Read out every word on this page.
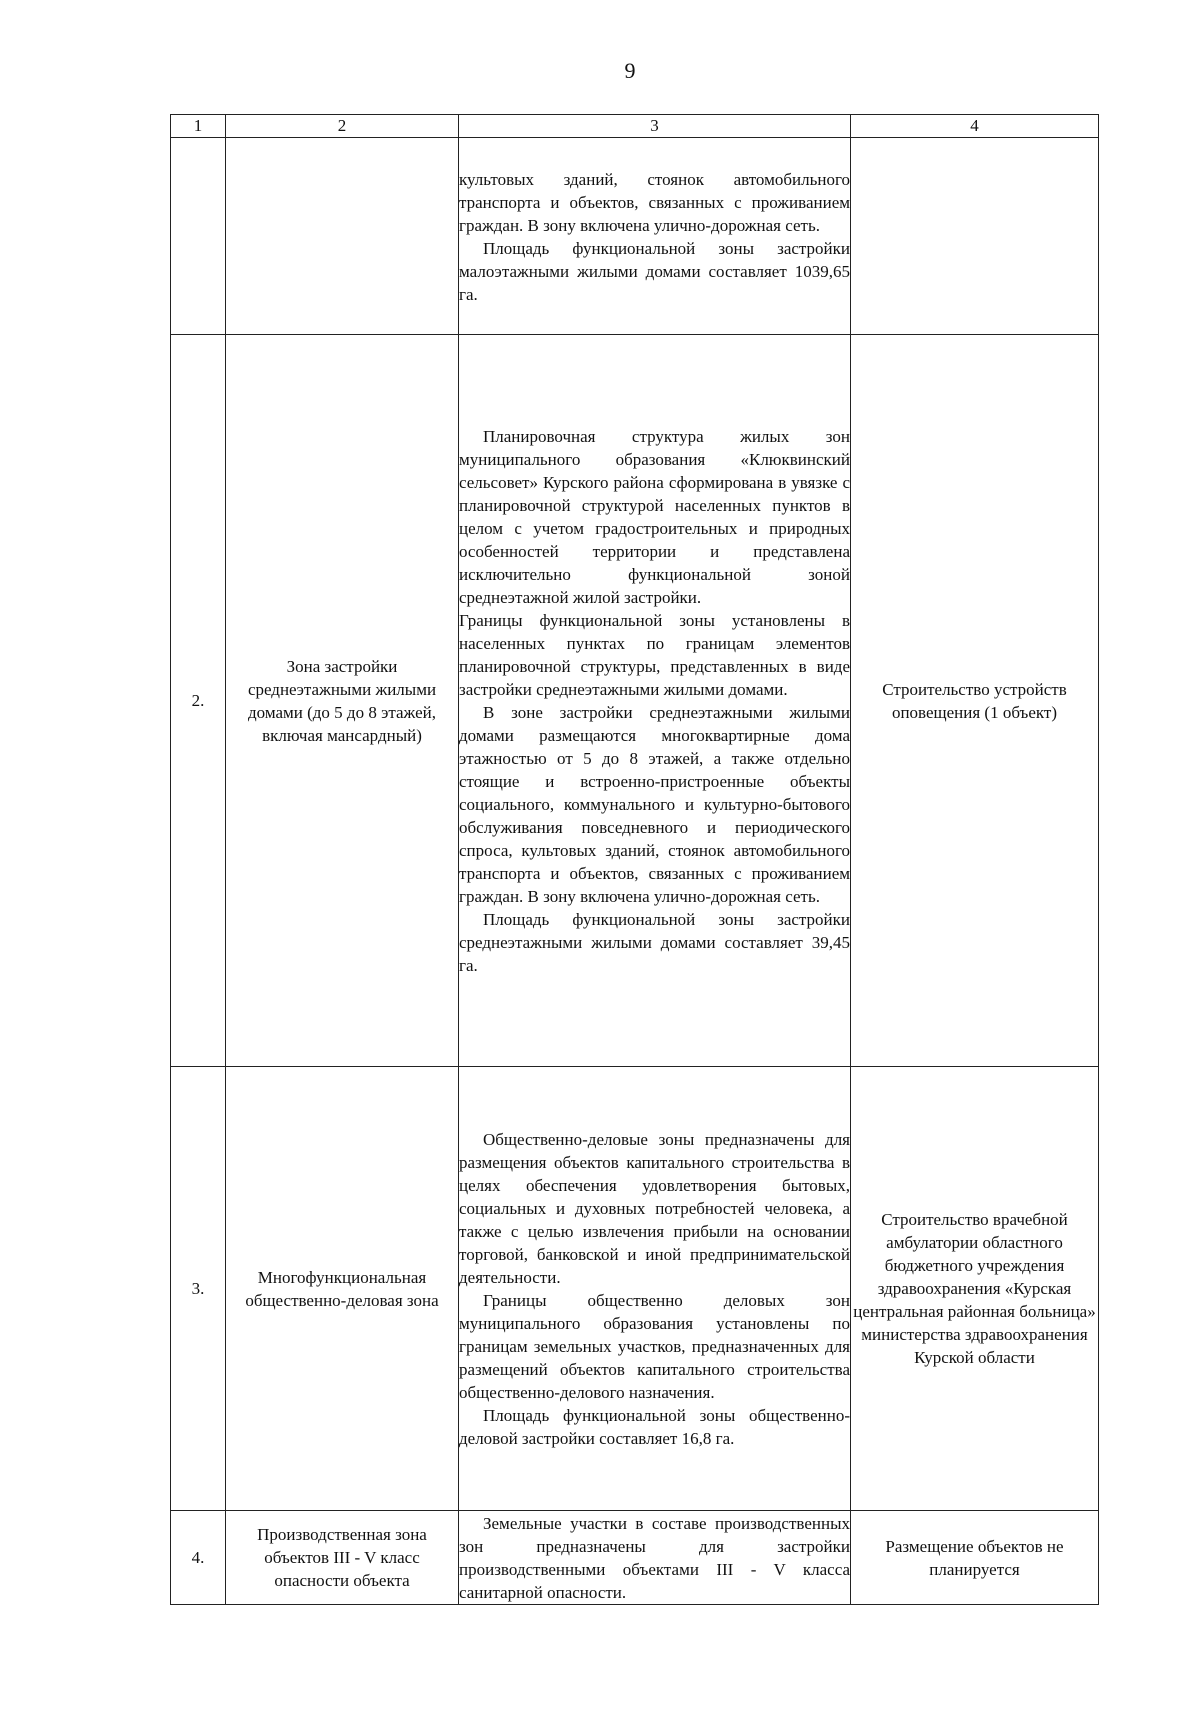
9
1	2	3	4

		культовых зданий, стоянок автомобильного транспорта и объектов, связанных с проживанием граждан. В зону включена улично-дорожная сеть.

Площадь функциональной зоны застройки малоэтажными жилыми домами составляет 1039,65 га.	

2.	Зона застройки среднеэтажными жилыми домами (до 5 до 8 этажей, включая мансардный)	Планировочная структура жилых зон муниципального образования «Клюквинский сельсовет» Курского района сформирована в увязке с планировочной структурой населенных пунктов в целом с учетом градостроительных и природных особенностей территории и представлена исключительно функциональной зоной среднеэтажной жилой застройки.

Границы функциональной зоны установлены в населенных пунктах по границам элементов планировочной структуры, представленных в виде застройки среднеэтажными жилыми домами.

В зоне застройки среднеэтажными жилыми домами размещаются многоквартирные дома этажностью от 5 до 8 этажей, а также отдельно стоящие и встроенно-пристроенные объекты социального, коммунального и культурно-бытового обслуживания повседневного и периодического спроса, культовых зданий, стоянок автомобильного транспорта и объектов, связанных с проживанием граждан. В зону включена улично-дорожная сеть.

Площадь функциональной зоны застройки среднеэтажными жилыми домами составляет 39,45 га.	Строительство устройств оповещения (1 объект)
3.	Многофункциональная общественно-деловая зона	Общественно-деловые зоны предназначены для размещения объектов капитального строительства в целях обеспечения удовлетворения бытовых, социальных и духовных потребностей человека, а также с целью извлечения прибыли на основании торговой, банковской и иной предпринимательской деятельности.

Границы общественно деловых зон муниципального образования установлены по границам земельных участков, предназначенных для размещений объектов капитального строительства общественно-делового назначения.

Площадь функциональной зоны общественно-деловой застройки составляет 16,8 га.	Строительство врачебной амбулатории областного бюджетного учреждения здравоохранения «Курская центральная районная больница» министерства здравоохранения Курской области
4.	Производственная зона объектов III - V класс опасности объекта	Земельные участки в составе производственных зон предназначены для застройки производственными объектами III - V класса санитарной опасности.	Размещение объектов не планируется
